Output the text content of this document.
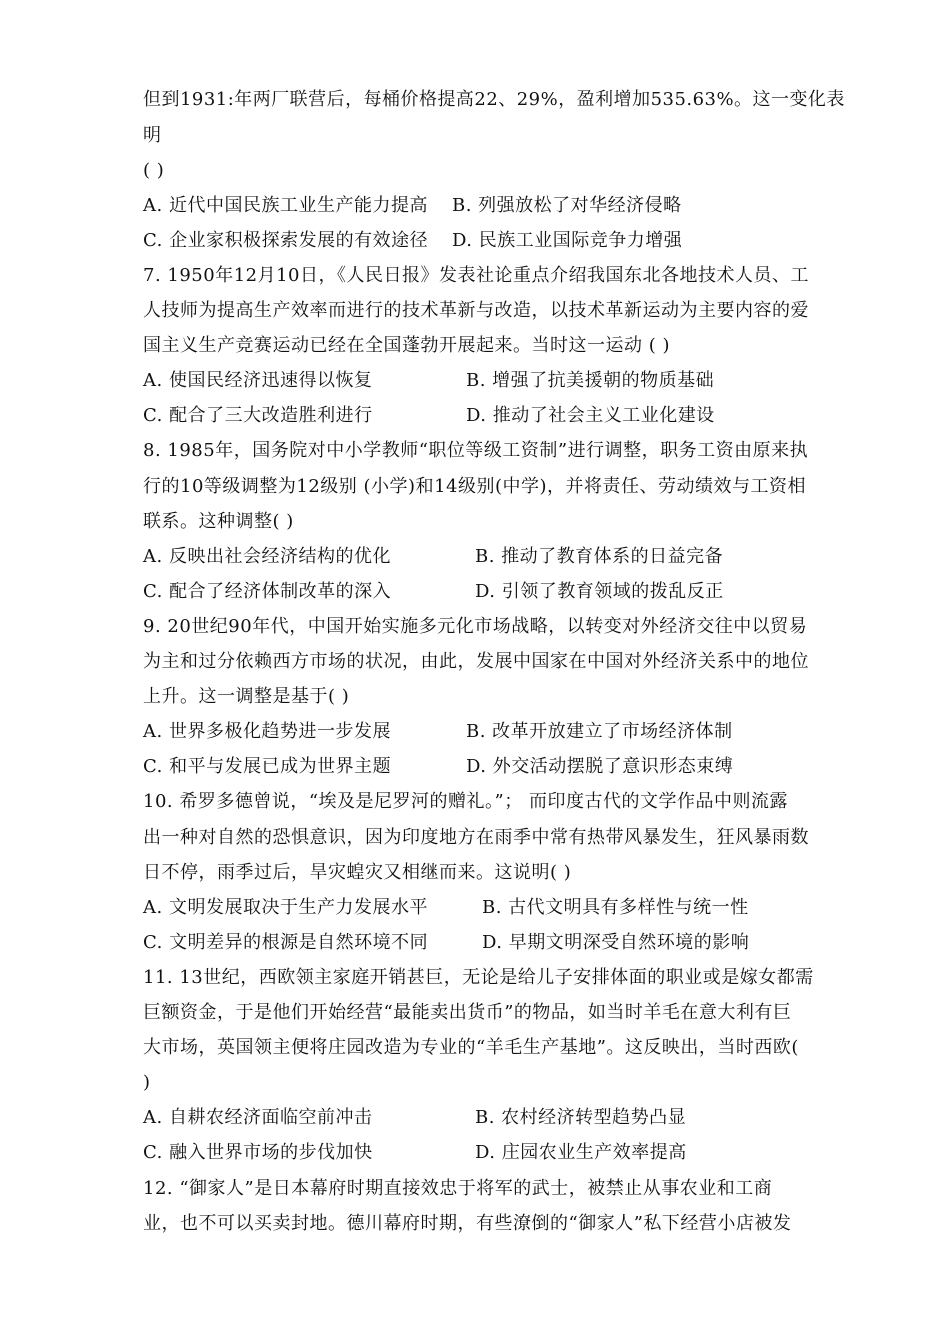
但到1931:年两厂联营后，每桶价格提高22、29%，盈利增加535.63%。这一变化表
明
( )
A. 近代中国民族工业生产能力提高 B. 列强放松了对华经济侵略
C. 企业家积极探索发展的有效途径 D. 民族工业国际竞争力增强
7. 1950年12月10日，《人民日报》发表社论重点介绍我国东北各地技术人员、工
人技师为提高生产效率而进行的技术革新与改造，以技术革新运动为主要内容的爱
国主义生产竞赛运动已经在全国蓬勃开展起来。当时这一运动 ( )
A. 使国民经济迅速得以恢复	B. 增强了抗美援朝的物质基础
C. 配合了三大改造胜利进行	D. 推动了社会主义工业化建设
8. 1985年，国务院对中小学教师“职位等级工资制”进行调整，职务工资由原来执
行的10等级调整为12级别 (小学)和14级别(中学)，并将责任、劳动绩效与工资相
联系。这种调整( )
A. 反映出社会经济结构的优化	B. 推动了教育体系的日益完备
C. 配合了经济体制改革的深入	D. 引领了教育领域的拨乱反正
9. 20世纪90年代，中国开始实施多元化市场战略，以转变对外经济交往中以贸易
为主和过分依赖西方市场的状况，由此，发展中国家在中国对外经济关系中的地位
上升。这一调整是基于( )
A. 世界多极化趋势进一步发展	B. 改革开放建立了市场经济体制
C. 和平与发展已成为世界主题	D. 外交活动摆脱了意识形态束缚
10. 希罗多德曾说，“埃及是尼罗河的赠礼。”； 而印度古代的文学作品中则流露
出一种对自然的恐惧意识，因为印度地方在雨季中常有热带风暴发生，狂风暴雨数
日不停，雨季过后，旱灾蝗灾又相继而来。这说明( )
A. 文明发展取决于生产力发展水平	B. 古代文明具有多样性与统一性
C. 文明差异的根源是自然环境不同	D. 早期文明深受自然环境的影响
11. 13世纪，西欧领主家庭开销甚巨，无论是给儿子安排体面的职业或是嫁女都需
巨额资金，于是他们开始经营“最能卖出货币”的物品，如当时羊毛在意大利有巨
大市场，英国领主便将庄园改造为专业的“羊毛生产基地”。这反映出，当时西欧(
)
A. 自耕农经济面临空前冲击	B. 农村经济转型趋势凸显
C. 融入世界市场的步伐加快	D. 庄园农业生产效率提高
12. “御家人”是日本幕府时期直接效忠于将军的武士，被禁止从事农业和工商
业，也不可以买卖封地。德川幕府时期，有些潦倒的“御家人”私下经营小店被发
